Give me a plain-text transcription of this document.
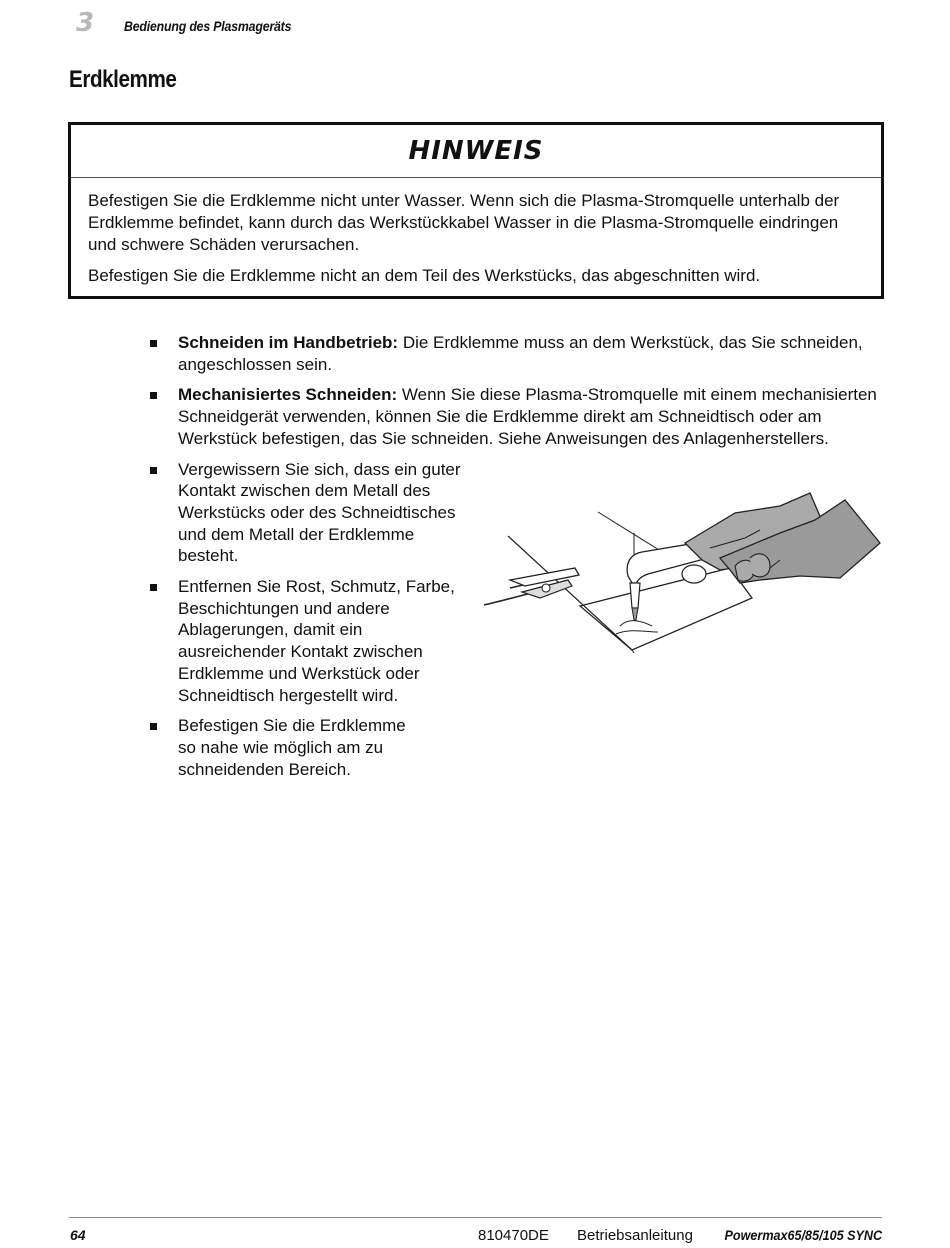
3 Bedienung des Plasmageräts
Erdklemme
HINWEIS

Befestigen Sie die Erdklemme nicht unter Wasser. Wenn sich die Plasma-Stromquelle unterhalb der Erdklemme befindet, kann durch das Werkstückkabel Wasser in die Plasma-Stromquelle eindringen und schwere Schäden verursachen.

Befestigen Sie die Erdklemme nicht an dem Teil des Werkstücks, das abgeschnitten wird.

Schneiden im Handbetrieb: Die Erdklemme muss an dem Werkstück, das Sie schneiden, angeschlossen sein.
Mechanisiertes Schneiden: Wenn Sie diese Plasma-Stromquelle mit einem mechanisierten Schneidgerät verwenden, können Sie die Erdklemme direkt am Schneidtisch oder am Werkstück befestigen, das Sie schneiden. Siehe Anweisungen des Anlagenherstellers.
Vergewissern Sie sich, dass ein guter Kontakt zwischen dem Metall des Werkstücks oder des Schneidtisches und dem Metall der Erdklemme besteht.
Entfernen Sie Rost, Schmutz, Farbe, Beschichtungen und andere Ablagerungen, damit ein ausreichender Kontakt zwischen Erdklemme und Werkstück oder Schneidtisch hergestellt wird.
Befestigen Sie die Erdklemme so nahe wie möglich am zu schneidenden Bereich.
64	810470DE Betriebsanleitung Powermax65/85/105 SYNC
